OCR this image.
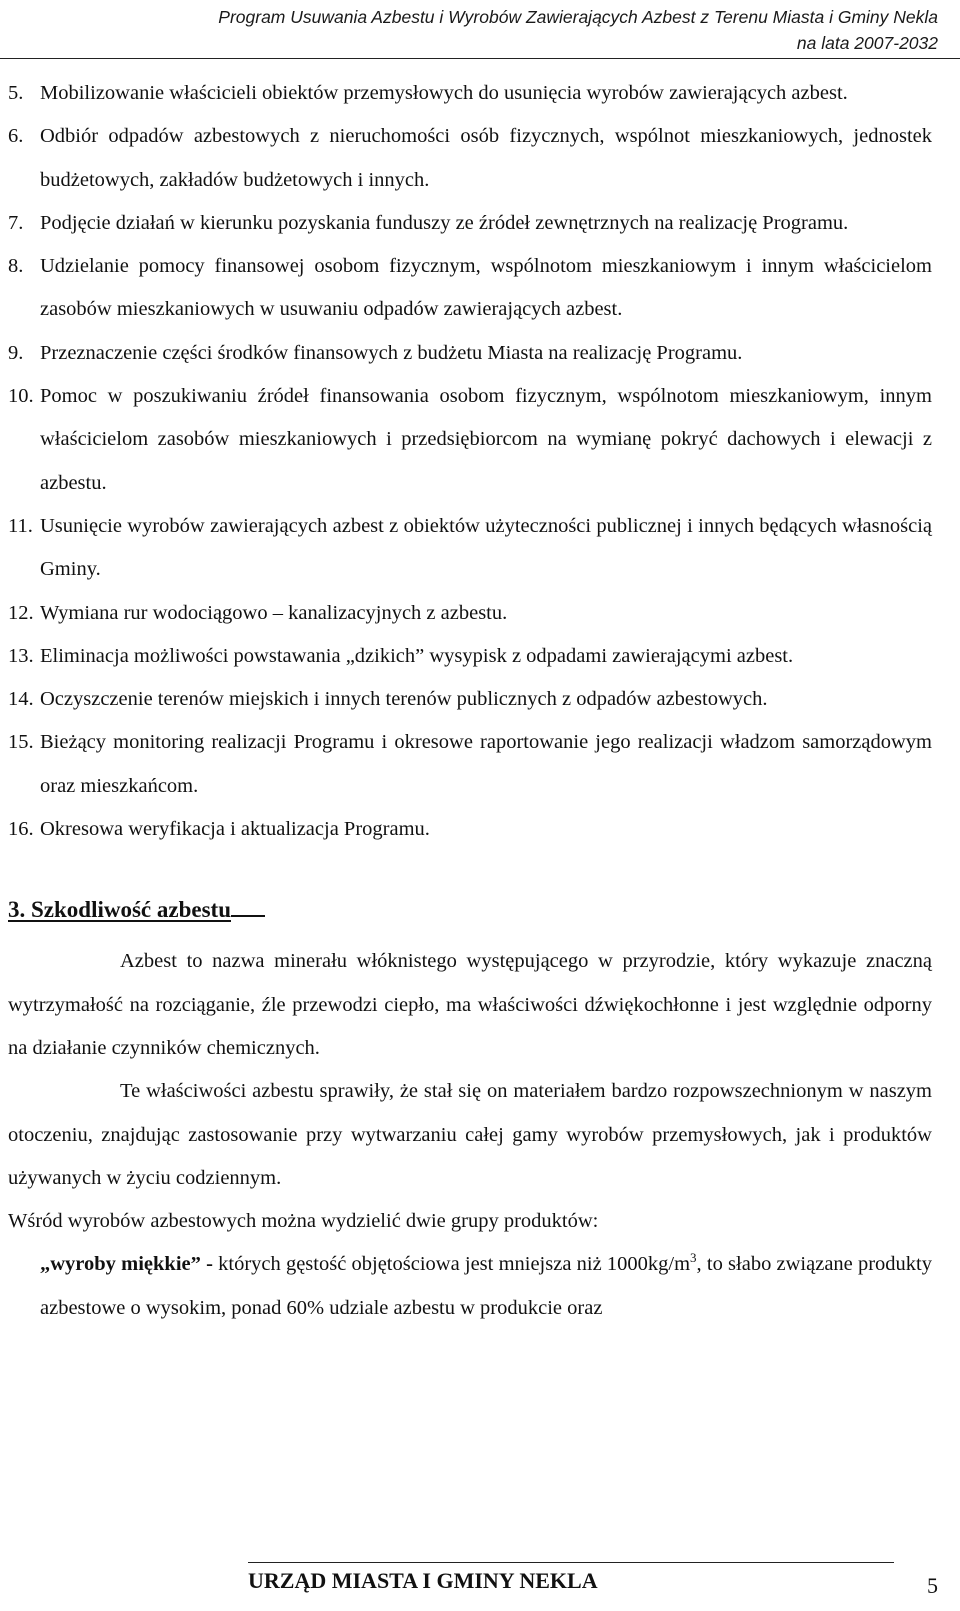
Program Usuwania Azbestu i Wyrobów Zawierających Azbest z Terenu Miasta i Gminy Nekla
na lata 2007-2032
5. Mobilizowanie właścicieli obiektów przemysłowych do usunięcia wyrobów zawierających azbest.
6. Odbiór odpadów azbestowych z nieruchomości osób fizycznych, wspólnot mieszkaniowych, jednostek budżetowych, zakładów budżetowych i innych.
7. Podjęcie działań w kierunku pozyskania funduszy ze źródeł zewnętrznych na realizację Programu.
8. Udzielanie pomocy finansowej osobom fizycznym, wspólnotom mieszkaniowym i innym właścicielom zasobów mieszkaniowych w usuwaniu odpadów zawierających azbest.
9. Przeznaczenie części środków finansowych z budżetu Miasta na realizację Programu.
10. Pomoc w poszukiwaniu źródeł finansowania osobom fizycznym, wspólnotom mieszkaniowym, innym właścicielom zasobów mieszkaniowych i przedsiębiorcom na wymianę pokryć dachowych i elewacji z azbestu.
11. Usunięcie wyrobów zawierających azbest z obiektów użyteczności publicznej i innych będących własnością Gminy.
12. Wymiana rur wodociągowo – kanalizacyjnych z azbestu.
13. Eliminacja możliwości powstawania „dzikich” wysypisk z odpadami zawierającymi azbest.
14. Oczyszczenie terenów miejskich i innych terenów publicznych z odpadów azbestowych.
15. Bieżący monitoring realizacji Programu i okresowe raportowanie jego realizacji władzom samorządowym oraz mieszkańcom.
16. Okresowa weryfikacja i aktualizacja Programu.
3. Szkodliwość azbestu

Azbest to nazwa minerału włóknistego występującego w przyrodzie, który wykazuje znaczną wytrzymałość na rozciąganie, źle przewodzi ciepło, ma właściwości dźwiękochłonne i jest względnie odporny na działanie czynników chemicznych.

Te właściwości azbestu sprawiły, że stał się on materiałem bardzo rozpowszechnionym w naszym otoczeniu, znajdując zastosowanie przy wytwarzaniu całej gamy wyrobów przemysłowych, jak i produktów używanych w życiu codziennym.

Wśród wyrobów azbestowych można wydzielić dwie grupy produktów:

„wyroby miękkie” - których gęstość objętościowa jest mniejsza niż $1000kg/m^3$, to słabo związane produkty azbestowe o wysokim, ponad 60% udziale azbestu w produkcie oraz

URZĄD MIASTA I GMINY NEKLA	5
